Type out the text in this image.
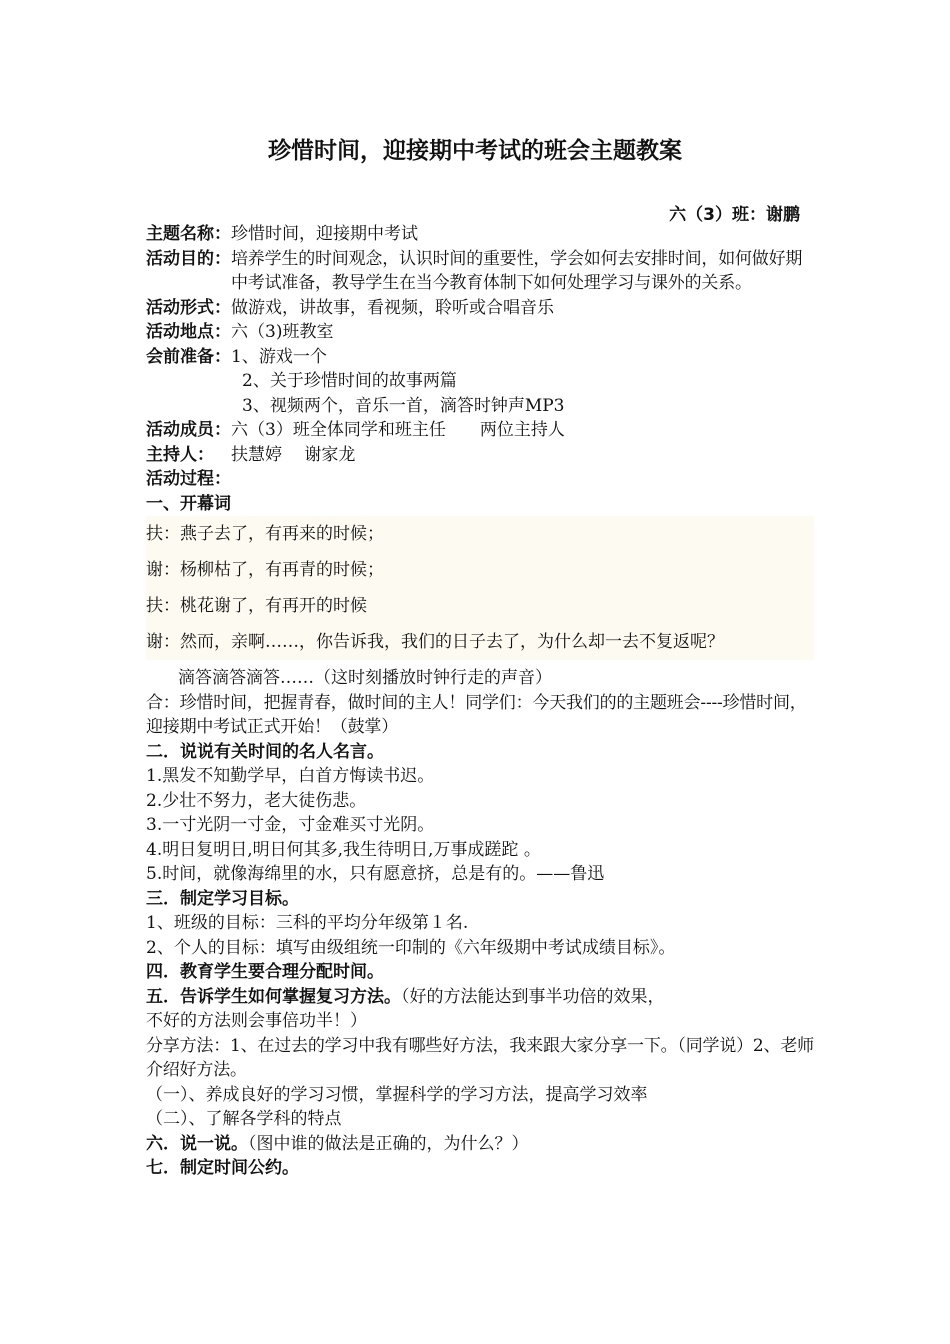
珍惜时间，迎接期中考试的班会主题教案
六（3）班：谢鹏
主题名称： 珍惜时间，迎接期中考试
活动目的： 培养学生的时间观念，认识时间的重要性，学会如何去安排时间，如何做好期中考试准备，教导学生在当今教育体制下如何处理学习与课外的关系。
活动形式： 做游戏，讲故事，看视频，聆听或合唱音乐
活动地点： 六（3)班教室
会前准备： 1、游戏一个
2、关于珍惜时间的故事两篇
3、视频两个，音乐一首，滴答时钟声MP3
活动成员： 六（3）班全体同学和班主任　　两位主持人
主持人： 　扶慧婷　 谢家龙
活动过程：
一、开幕词
扶：燕子去了，有再来的时候；
谢：杨柳枯了，有再青的时候；
扶：桃花谢了，有再开的时候
谢：然而，亲啊……，你告诉我，我们的日子去了，为什么却一去不复返呢？
滴答滴答滴答……（这时刻播放时钟行走的声音）
合：珍惜时间，把握青春，做时间的主人！同学们：今天我们的的主题班会----珍惜时间，迎接期中考试正式开始！（鼓掌）
二．说说有关时间的名人名言。
1.黑发不知勤学早，白首方悔读书迟。
2.少壮不努力，老大徒伤悲。
3.一寸光阴一寸金，寸金难买寸光阴。
4.明日复明日,明日何其多,我生待明日,万事成蹉跎 。
5.时间，就像海绵里的水，只有愿意挤，总是有的。——鲁迅
三．制定学习目标。
1、班级的目标：三科的平均分年级第１名.
2、个人的目标：填写由级组统一印制的《六年级期中考试成绩目标》。
四．教育学生要合理分配时间。
五．告诉学生如何掌握复习方法。（好的方法能达到事半功倍的效果，
不好的方法则会事倍功半！）
分享方法：1、在过去的学习中我有哪些好方法，我来跟大家分享一下。（同学说）2、老师介绍好方法。
（一）、养成良好的学习习惯，掌握科学的学习方法，提高学习效率
（二）、了解各学科的特点
六．说一说。（图中谁的做法是正确的，为什么？）
七．制定时间公约。
